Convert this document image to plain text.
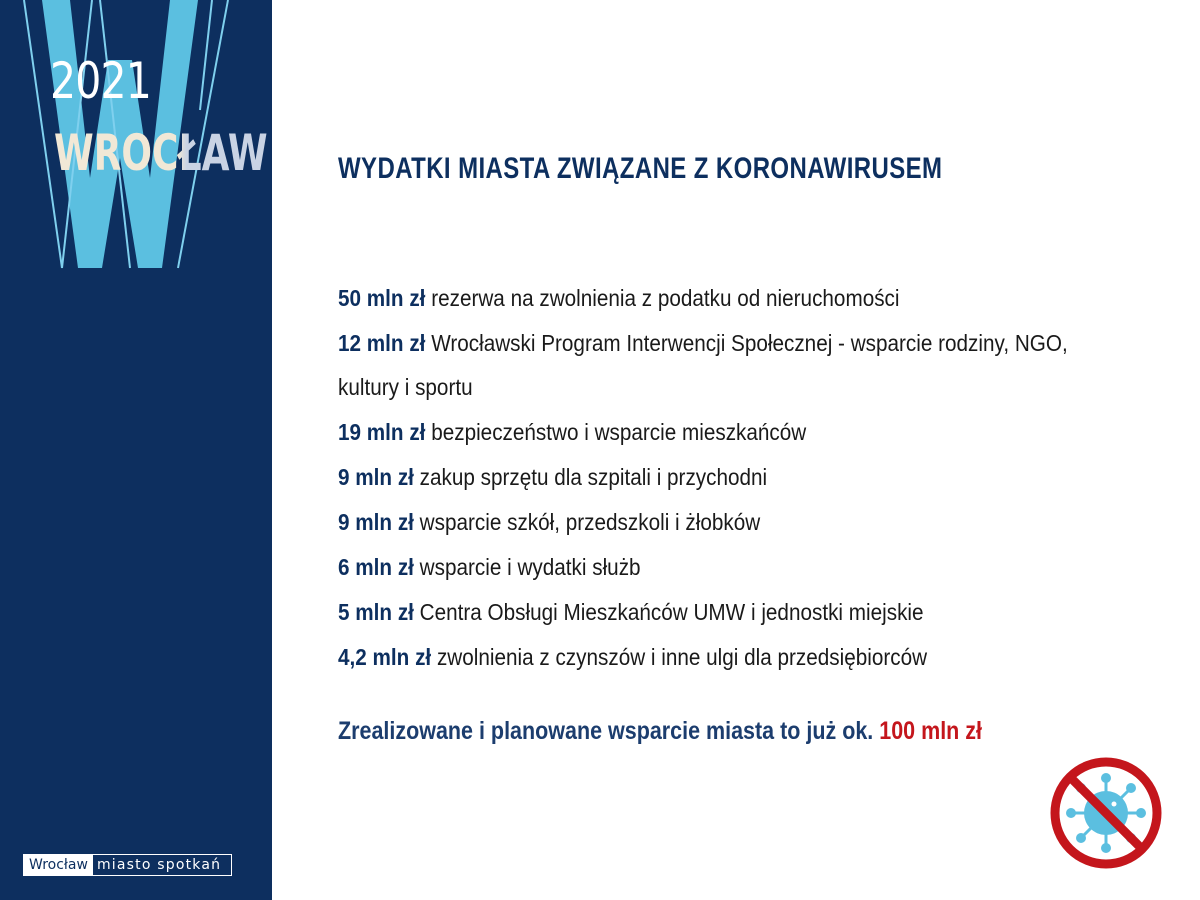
2021
WROCŁAW
Wrocław miasto spotkań
WYDATKI MIASTA ZWIĄZANE Z KORONAWIRUSEM
50 mln zł rezerwa na zwolnienia z podatku od nieruchomości
12 mln zł Wrocławski Program Interwencji Społecznej - wsparcie rodziny, NGO, kultury i sportu
19 mln zł bezpieczeństwo i wsparcie mieszkańców
9 mln zł zakup sprzętu dla szpitali i przychodni
9 mln zł wsparcie szkół, przedszkoli i żłobków
6 mln zł wsparcie i wydatki służb
5 mln zł Centra Obsługi Mieszkańców UMW i jednostki miejskie
4,2 mln zł zwolnienia z czynszów i inne ulgi dla przedsiębiorców
Zrealizowane i planowane wsparcie miasta to już ok. 100 mln zł
